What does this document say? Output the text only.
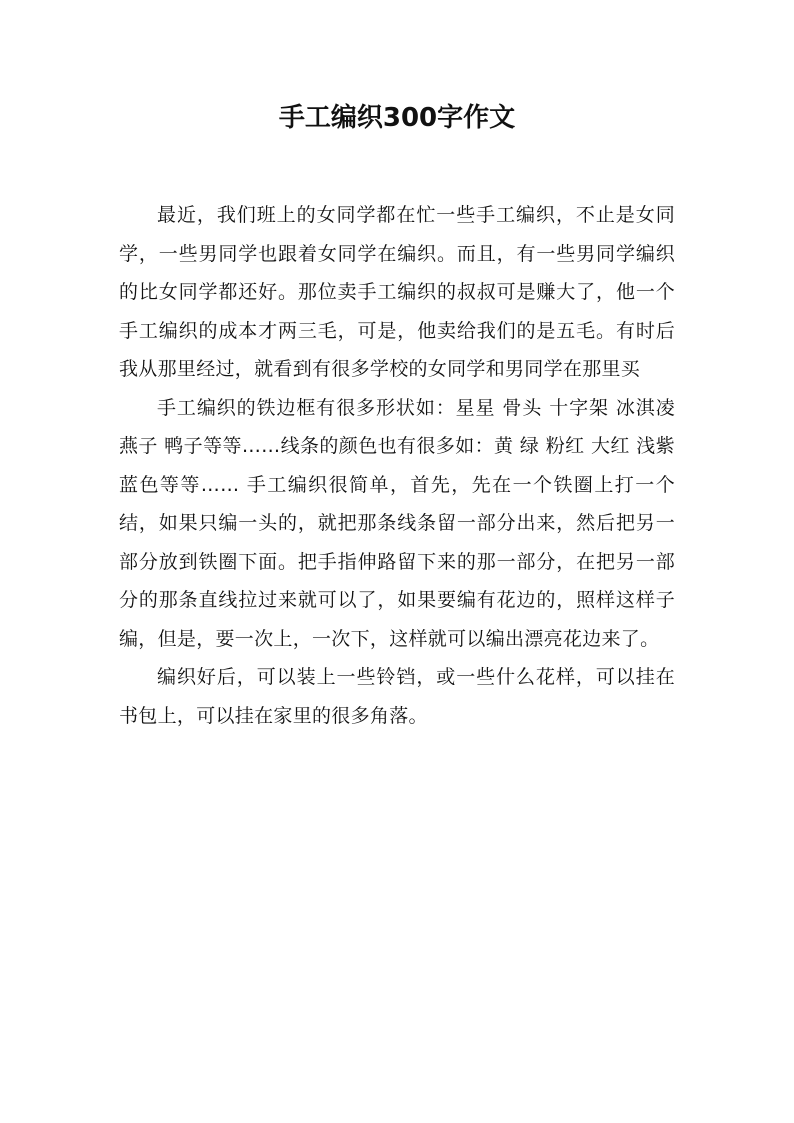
手工编织300字作文

最近，我们班上的女同学都在忙一些手工编织，不止是女同学，一些男同学也跟着女同学在编织。而且，有一些男同学编织的比女同学都还好。那位卖手工编织的叔叔可是赚大了，他一个手工编织的成本才两三毛，可是，他卖给我们的是五毛。有时后我从那里经过，就看到有很多学校的女同学和男同学在那里买

手工编织的铁边框有很多形状如：星星 骨头 十字架 冰淇凌 燕子 鸭子等等……线条的颜色也有很多如：黄 绿 粉红 大红 浅紫 蓝色等等…… 手工编织很简单，首先，先在一个铁圈上打一个结，如果只编一头的，就把那条线条留一部分出来，然后把另一部分放到铁圈下面。把手指伸路留下来的那一部分，在把另一部分的那条直线拉过来就可以了，如果要编有花边的，照样这样子编，但是，要一次上，一次下，这样就可以编出漂亮花边来了。

编织好后，可以装上一些铃铛，或一些什么花样，可以挂在书包上，可以挂在家里的很多角落。
